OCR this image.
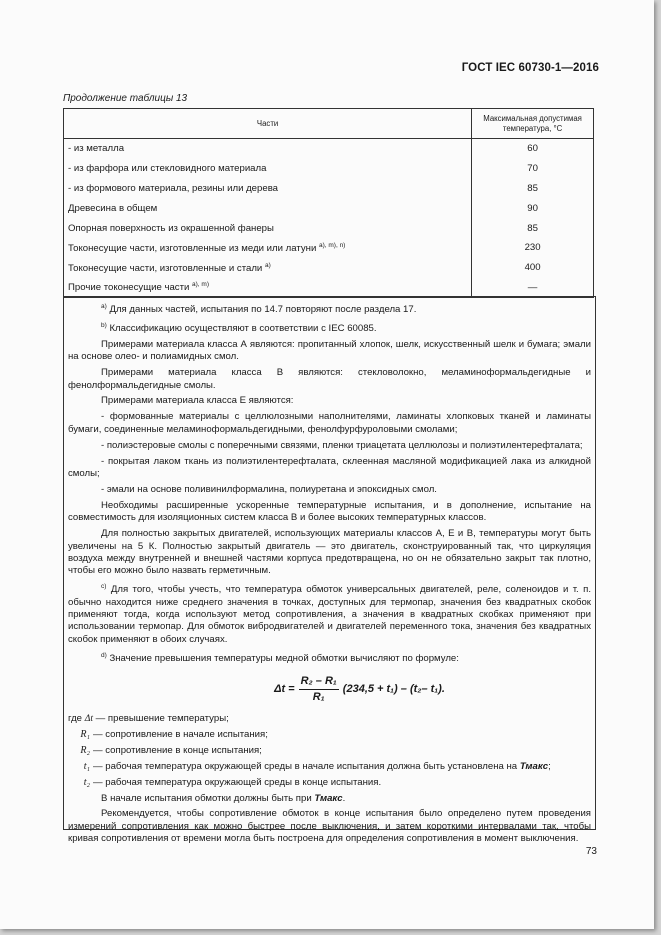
ГОСТ IEC 60730-1—2016
Продолжение таблицы 13
Части	Максимальная допустимая
температура, °С
- из металла	60
- из фарфора или стекловидного материала	70
- из формового материала, резины или дерева	85
Древесина в общем	90
Опорная поверхность из окрашенной фанеры	85
Токонесущие части, изготовленные из меди или латуни $^{a), m), n)}$	230
Токонесущие части, изготовленные и стали $^{a)}$	400
Прочие токонесущие части $^{a), m)}$	—

$^{a)}$ Для данных частей, испытания по 14.7 повторяют после раздела 17.

$^{b)}$ Классификацию осуществляют в соответствии с IEC 60085.

Примерами материала класса А являются: пропитанный хлопок, шелк, искусственный шелк и бумага; эмали на основе олео- и полиамидных смол.

Примерами материала класса В являются: стекловолокно, меламиноформальдегидные и фенолформальдегидные смолы.

Примерами материала класса Е являются:

- формованные материалы с целлюлозными наполнителями, ламинаты хлопковых тканей и ламинаты бумаги, соединенные меламиноформальдегидными, фенолфурфуроловыми смолами;

- полиэстеровые смолы с поперечными связями, пленки триацетата целлюлозы и полиэтилентерефталата;

- покрытая лаком ткань из полиэтилентерефталата, склеенная масляной модификацией лака из алкидной смолы;

- эмали на основе поливинилформалина, полиуретана и эпоксидных смол.

Необходимы расширенные ускоренные температурные испытания, и в дополнение, испытание на совместимость для изоляционных систем класса В и более высоких температурных классов.

Для полностью закрытых двигателей, использующих материалы классов А, Е и В, температуры могут быть увеличены на 5 К. Полностью закрытый двигатель — это двигатель, сконструированный так, что циркуляция воздуха между внутренней и внешней частями корпуса предотвращена, но он не обязательно закрыт так плотно, чтобы его можно было назвать герметичным.

$^{c)}$ Для того, чтобы учесть, что температура обмоток универсальных двигателей, реле, соленоидов и т. п. обычно находится ниже среднего значения в точках, доступных для термопар, значения без квадратных скобок применяют тогда, когда используют метод сопротивления, а значения в квадратных скобках применяют при использовании термопар. Для обмоток вибродвигателей и двигателей переменного тока, значения без квадратных скобок применяют в обоих случаях.

$^{d)}$ Значение превышения температуры медной обмотки вычисляют по формуле:

$\Delta t = \frac{\text{R₂ – R₁}}{\text{R₁}} (234,5 + t_1) - (t_2-$ t₁).

где Δt — превышение температуры;

R₁ — сопротивление в начале испытания;
R₂ — сопротивление в конце испытания;
t₁ — рабочая температура окружающей среды в начале испытания должна быть установлена на Тмакс;
t₂ — рабочая температура окружающей среды в конце испытания.

В начале испытания обмотки должны быть при Тмакс.

Рекомендуется, чтобы сопротивление обмоток в конце испытания было определено путем проведения измерений сопротивления как можно быстрее после выключения, и затем короткими интервалами так, чтобы кривая сопротивления от времени могла быть построена для определения сопротивления в момент выключения.

73
